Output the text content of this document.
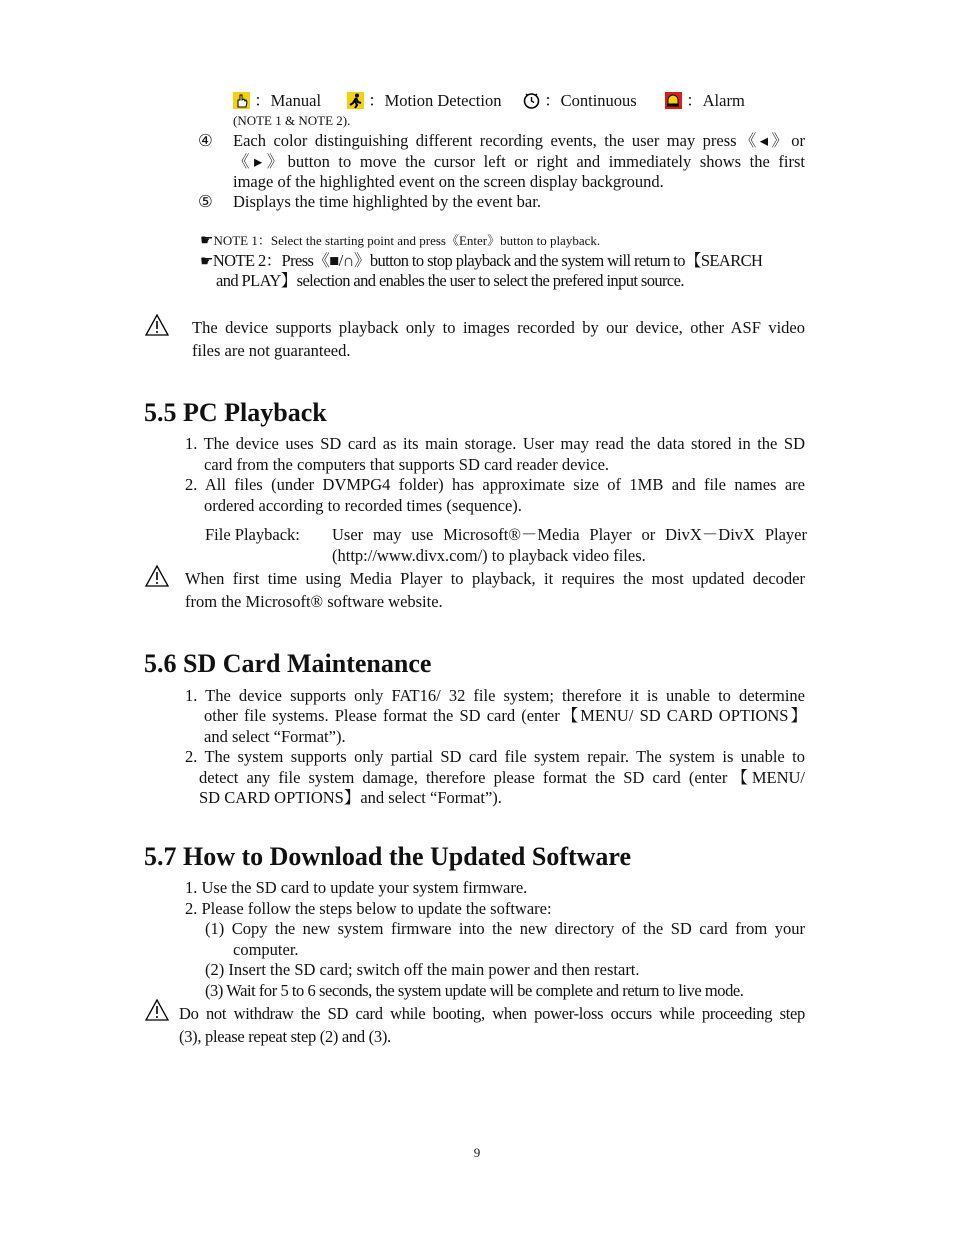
：Manual	：Motion Detection	：Continuous	：Alarm
(NOTE 1 & NOTE 2).
④ Each color distinguishing different recording events, the user may press《◂》or
《▸》button to move the cursor left or right and immediately shows the first
image of the highlighted event on the screen display background.
⑤ Displays the time highlighted by the event bar.
☛NOTE 1：Select the starting point and press《Enter》button to playback.
☛NOTE 2：Press《■/∩》button to stop playback and the system will return to【SEARCH
and PLAY】selection and enables the user to select the prefered input source.
The device supports playback only to images recorded by our device, other ASF video
files are not guaranteed.
5.5 PC Playback
1. The device uses SD card as its main storage. User may read the data stored in the SD
card from the computers that supports SD card reader device.
2. All files (under DVMPG4 folder) has approximate size of 1MB and file names are
ordered according to recorded times (sequence).
File Playback: User may use Microsoft®－Media Player or DivX－DivX Player
(http://www.divx.com/) to playback video files.
When first time using Media Player to playback, it requires the most updated decoder
from the Microsoft® software website.
5.6 SD Card Maintenance
1. The device supports only FAT16/ 32 file system; therefore it is unable to determine
other file systems. Please format the SD card (enter【MENU/ SD CARD OPTIONS】
and select “Format”).
2. The system supports only partial SD card file system repair. The system is unable to
detect any file system damage, therefore please format the SD card (enter【MENU/
SD CARD OPTIONS】and select “Format”).
5.7 How to Download the Updated Software
1. Use the SD card to update your system firmware.
2. Please follow the steps below to update the software:
(1) Copy the new system firmware into the new directory of the SD card from your
computer.
(2) Insert the SD card; switch off the main power and then restart.
(3) Wait for 5 to 6 seconds, the system update will be complete and return to live mode.
Do not withdraw the SD card while booting, when power-loss occurs while proceeding step
(3), please repeat step (2) and (3).
9
